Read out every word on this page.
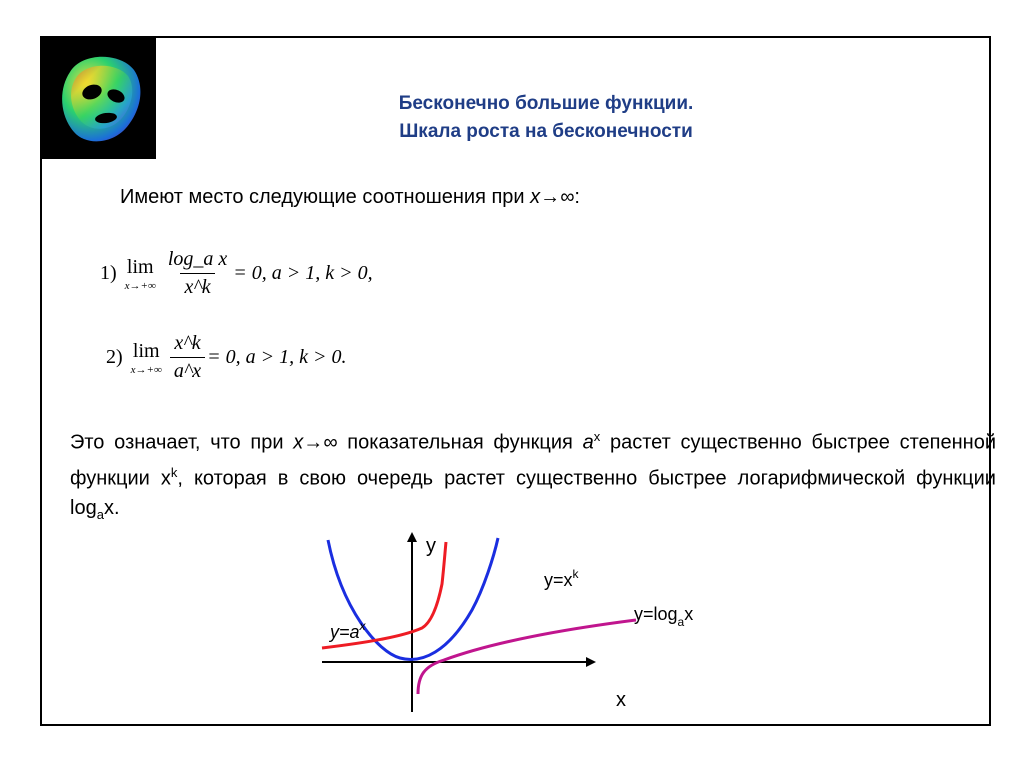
Бесконечно большие функции.
Шкала роста на бесконечности
Имеют место следующие соотношения при x→∞:
1) lim
$x\to+\infty \frac{\text{log\_a x}}{x\^{}k} = 0$, a > 1, k > 0,
2) lim
$x\to+\infty \frac{x\^{}k}{a\^{}x} = 0$, a > 1, k > 0.
Это означает, что при x→∞ показательная функция $a^x$ растет существенно быстрее степенной функции $x^k$, которая в свою очередь растет существенно быстрее логарифмической функции $\log_ax$.
y
x
$y=x^k$
$y=\log_ax$
$y=a^x$
